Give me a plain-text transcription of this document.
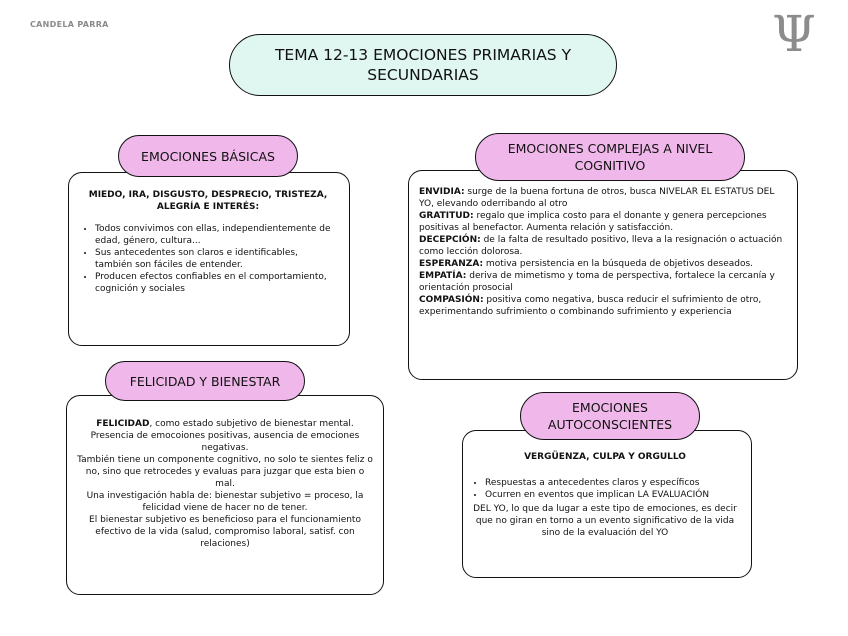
CANDELA PARRA	Ψ
TEMA 12-13 EMOCIONES PRIMARIAS Y SECUNDARIAS
EMOCIONES BÁSICAS

MIEDO, IRA, DISGUSTO, DESPRECIO, TRISTEZA, ALEGRÍA E INTERÉS:

• Todos convivimos con ellas, independientemente de edad, género, cultura...
• Sus antecedentes son claros e identificables, también son fáciles de entender.
• Producen efectos confiables en el comportamiento, cognición y sociales
FELICIDAD Y BIENESTAR

FELICIDAD, como estado subjetivo de bienestar mental. Presencia de emocoiones positivas, ausencia de emociones negativas.

También tiene un componente cognitivo, no solo te sientes feliz o no, sino que retrocedes y evaluas para juzgar que esta bien o mal.

Una investigación habla de: bienestar subjetivo = proceso, la felicidad viene de hacer no de tener.

El bienestar subjetivo es beneficioso para el funcionamiento efectivo de la vida (salud, compromiso laboral, satisf. con relaciones)

EMOCIONES COMPLEJAS A NIVEL COGNITIVO

ENVIDIA: surge de la buena fortuna de otros, busca NIVELAR EL ESTATUS DEL YO, elevando oderribando al otro

GRATITUD: regalo que implica costo para el donante y genera percepciones positivas al benefactor. Aumenta relación y satisfacción.

DECEPCIÓN: de la falta de resultado positivo, lleva a la resignación o actuación como lección dolorosa.

ESPERANZA: motiva persistencia en la búsqueda de objetivos deseados.

EMPATÍA: deriva de mimetismo y toma de perspectiva, fortalece la cercanía y orientación prosocial

COMPASIÓN: positiva como negativa, busca reducir el sufrimiento de otro, experimentando sufrimiento o combinando sufrimiento y experiencia

EMOCIONES AUTOCONSCIENTES

VERGÜENZA, CULPA Y ORGULLO

• Respuestas a antecedentes claros y específicos
• Ocurren en eventos que implican LA EVALUACIÓN

DEL YO, lo que da lugar a este tipo de emociones, es decir que no giran en torno a un evento significativo de la vida sino de la evaluación del YO
